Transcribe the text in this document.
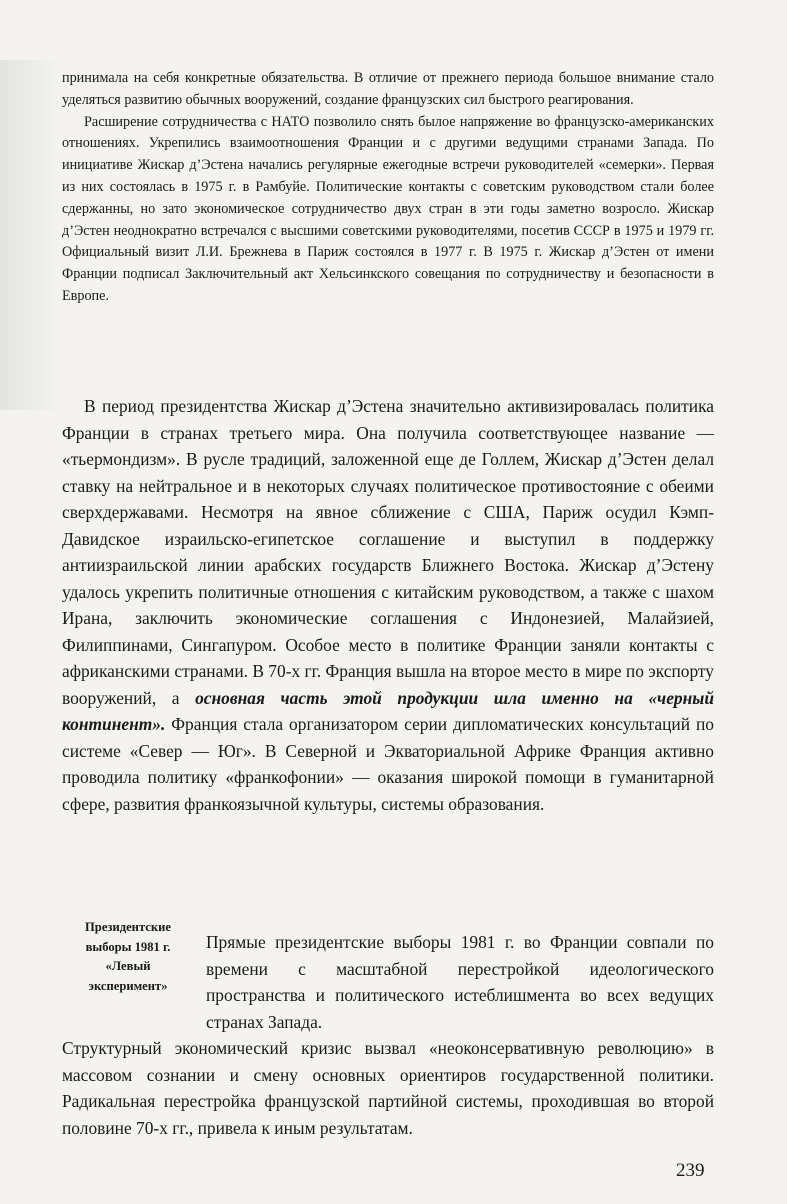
принимала на себя конкретные обязательства. В отличие от прежнего периода большое внимание стало уделяться развитию обычных вооружений, создание французских сил быстрого реагирования.

Расширение сотрудничества с НАТО позволило снять былое напряжение во французско-американских отношениях. Укрепились взаимоотношения Франции и с другими ведущими странами Запада. По инициативе Жискар д’Эстена начались регулярные ежегодные встречи руководителей «семерки». Первая из них состоялась в 1975 г. в Рамбуйе. Политические контакты с советским руководством стали более сдержанны, но зато экономическое сотрудничество двух стран в эти годы заметно возросло. Жискар д’Эстен неоднократно встречался с высшими советскими руководителями, посетив СССР в 1975 и 1979 гг. Официальный визит Л.И. Брежнева в Париж состоялся в 1977 г. В 1975 г. Жискар д’Эстен от имени Франции подписал Заключительный акт Хельсинкского совещания по сотрудничеству и безопасности в Европе.

В период президентства Жискар д’Эстена значительно активизировалась политика Франции в странах третьего мира. Она получила соответствующее название — «тьермондизм». В русле традиций, заложенной еще де Голлем, Жискар д’Эстен делал ставку на нейтральное и в некоторых случаях политическое противостояние с обеими сверхдержавами. Несмотря на явное сближение с США, Париж осудил Кэмп-Давидское израильско-египетское соглашение и выступил в поддержку антиизраильской линии арабских государств Ближнего Востока. Жискар д’Эстену удалось укрепить политичные отношения с китайским руководством, а также с шахом Ирана, заключить экономические соглашения с Индонезией, Малайзией, Филиппинами, Сингапуром. Особое место в политике Франции заняли контакты с африканскими странами. В 70-х гг. Франция вышла на второе место в мире по экспорту вооружений, а основная часть этой продукции шла именно на «черный континент». Франция стала организатором серии дипломатических консультаций по системе «Север — Юг». В Северной и Экваториальной Африке Франция активно проводила политику «франкофонии» — оказания широкой помощи в гуманитарной сфере, развития франкоязычной культуры, системы образования.

Президентские
выборы 1981 г.
«Левый
эксперимент»

Прямые президентские выборы 1981 г. во Франции совпали по времени с масштабной перестройкой идеологического пространства и политического истеблишмента во всех ведущих странах Запада.

Структурный экономический кризис вызвал «неоконсервативную революцию» в массовом сознании и смену основных ориентиров государственной политики. Радикальная перестройка французской партийной системы, проходившая во второй половине 70-х гг., привела к иным результатам.

239
